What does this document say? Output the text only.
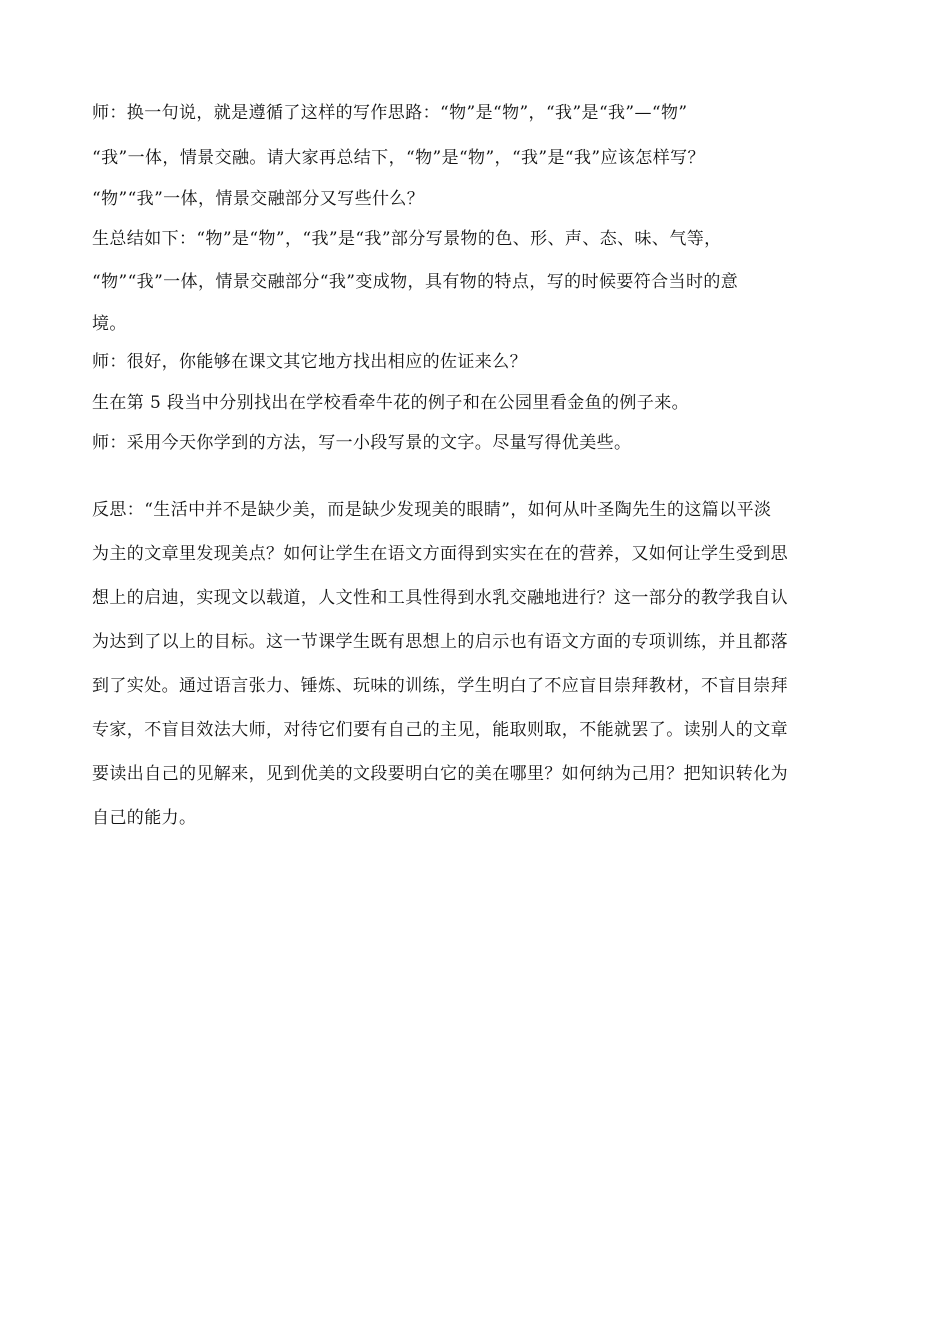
师：换一句说，就是遵循了这样的写作思路：“物”是“物”，“我”是“我”—“物”
“我”一体，情景交融。请大家再总结下，“物”是“物”，“我”是“我”应该怎样写？
“物”“我”一体，情景交融部分又写些什么？
生总结如下：“物”是“物”，“我”是“我”部分写景物的色、形、声、态、味、气等，
“物”“我”一体，情景交融部分“我”变成物，具有物的特点，写的时候要符合当时的意
境。
师：很好，你能够在课文其它地方找出相应的佐证来么？
生在第 5 段当中分别找出在学校看牵牛花的例子和在公园里看金鱼的例子来。
师：采用今天你学到的方法，写一小段写景的文字。尽量写得优美些。
反思：“生活中并不是缺少美，而是缺少发现美的眼睛”，如何从叶圣陶先生的这篇以平淡
为主的文章里发现美点？如何让学生在语文方面得到实实在在的营养，又如何让学生受到思
想上的启迪，实现文以载道，人文性和工具性得到水乳交融地进行？这一部分的教学我自认
为达到了以上的目标。这一节课学生既有思想上的启示也有语文方面的专项训练，并且都落
到了实处。通过语言张力、锤炼、玩味的训练，学生明白了不应盲目崇拜教材，不盲目崇拜
专家，不盲目效法大师，对待它们要有自己的主见，能取则取，不能就罢了。读别人的文章
要读出自己的见解来，见到优美的文段要明白它的美在哪里？如何纳为己用？把知识转化为
自己的能力。
